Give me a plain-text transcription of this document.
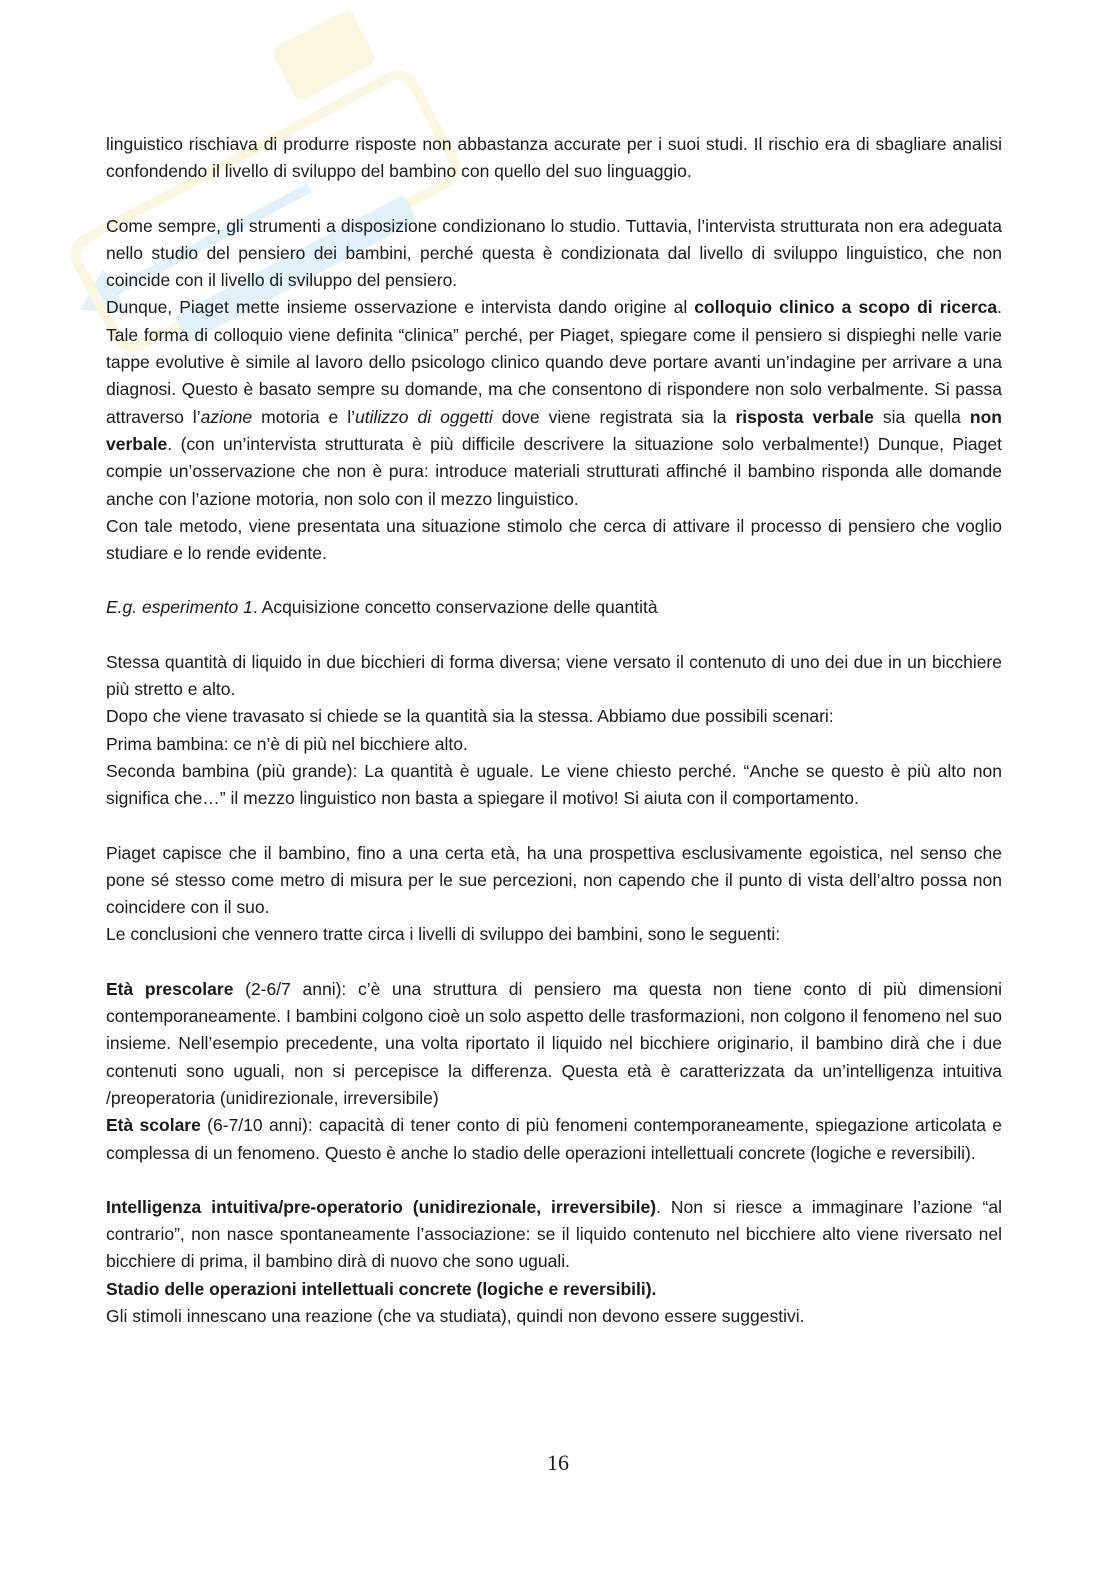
linguistico rischiava di produrre risposte non abbastanza accurate per i suoi studi. Il rischio era di sbagliare analisi confondendo il livello di sviluppo del bambino con quello del suo linguaggio.

Come sempre, gli strumenti a disposizione condizionano lo studio. Tuttavia, l’intervista strutturata non era adeguata nello studio del pensiero dei bambini, perché questa è condizionata dal livello di sviluppo linguistico, che non coincide con il livello di sviluppo del pensiero.

Dunque, Piaget mette insieme osservazione e intervista dando origine al colloquio clinico a scopo di ricerca. Tale forma di colloquio viene definita “clinica” perché, per Piaget, spiegare come il pensiero si dispieghi nelle varie tappe evolutive è simile al lavoro dello psicologo clinico quando deve portare avanti un’indagine per arrivare a una diagnosi. Questo è basato sempre su domande, ma che consentono di rispondere non solo verbalmente. Si passa attraverso l’azione motoria e l’utilizzo di oggetti dove viene registrata sia la risposta verbale sia quella non verbale. (con un’intervista strutturata è più difficile descrivere la situazione solo verbalmente!) Dunque, Piaget compie un’osservazione che non è pura: introduce materiali strutturati affinché il bambino risponda alle domande anche con l’azione motoria, non solo con il mezzo linguistico.

Con tale metodo, viene presentata una situazione stimolo che cerca di attivare il processo di pensiero che voglio studiare e lo rende evidente.

E.g. esperimento 1. Acquisizione concetto conservazione delle quantità

Stessa quantità di liquido in due bicchieri di forma diversa; viene versato il contenuto di uno dei due in un bicchiere più stretto e alto.

Dopo che viene travasato si chiede se la quantità sia la stessa. Abbiamo due possibili scenari:

Prima bambina: ce n’è di più nel bicchiere alto.

Seconda bambina (più grande): La quantità è uguale. Le viene chiesto perché. “Anche se questo è più alto non significa che…” il mezzo linguistico non basta a spiegare il motivo! Si aiuta con il comportamento.

Piaget capisce che il bambino, fino a una certa età, ha una prospettiva esclusivamente egoistica, nel senso che pone sé stesso come metro di misura per le sue percezioni, non capendo che il punto di vista dell’altro possa non coincidere con il suo.

Le conclusioni che vennero tratte circa i livelli di sviluppo dei bambini, sono le seguenti:

Età prescolare (2-6/7 anni): c’è una struttura di pensiero ma questa non tiene conto di più dimensioni contemporaneamente. I bambini colgono cioè un solo aspetto delle trasformazioni, non colgono il fenomeno nel suo insieme. Nell’esempio precedente, una volta riportato il liquido nel bicchiere originario, il bambino dirà che i due contenuti sono uguali, non si percepisce la differenza. Questa età è caratterizzata da un’intelligenza intuitiva /preoperatoria (unidirezionale, irreversibile)

Età scolare (6-7/10 anni): capacità di tener conto di più fenomeni contemporaneamente, spiegazione articolata e complessa di un fenomeno. Questo è anche lo stadio delle operazioni intellettuali concrete (logiche e reversibili).

Intelligenza intuitiva/pre-operatorio (unidirezionale, irreversibile). Non si riesce a immaginare l’azione “al contrario”, non nasce spontaneamente l’associazione: se il liquido contenuto nel bicchiere alto viene riversato nel bicchiere di prima, il bambino dirà di nuovo che sono uguali.

Stadio delle operazioni intellettuali concrete (logiche e reversibili).

Gli stimoli innescano una reazione (che va studiata), quindi non devono essere suggestivi.

16
